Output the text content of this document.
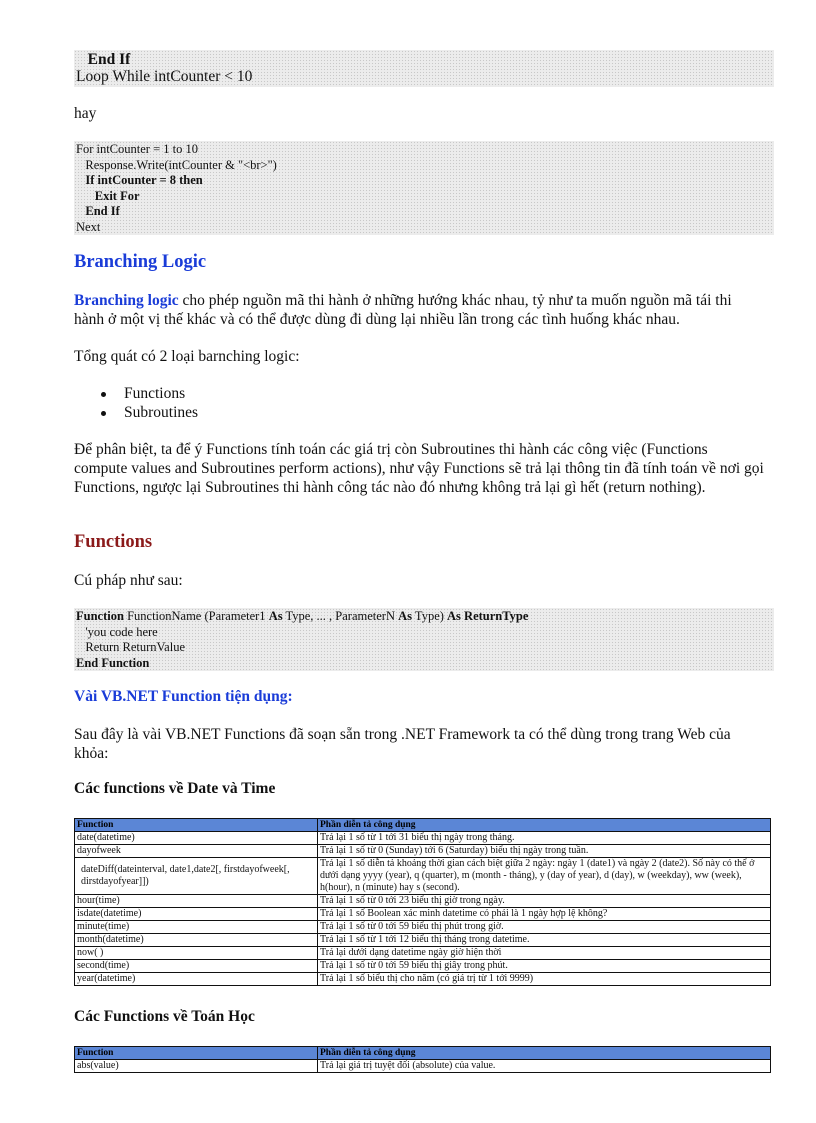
End If
Loop While intCounter < 10
hay
For intCounter = 1 to 10
Response.Write(intCounter & "<br>")
If intCounter = 8 then
Exit For
End If
Next
Branching Logic
Branching logic cho phép nguồn mã thi hành ở những hướng khác nhau, tỷ như ta muốn nguồn mã tái thi hành ở một vị thế khác và có thể được dùng đi dùng lại nhiều lần trong các tình huống khác nhau.
Tổng quát có 2 loại barnching logic:
Functions
Subroutines
Để phân biệt, ta để ý Functions tính toán các giá trị còn Subroutines thi hành các công việc (Functions compute values and Subroutines perform actions), như vậy Functions sẽ trả lại thông tin đã tính toán về nơi gọi Functions, ngược lại Subroutines thi hành công tác nào đó nhưng không trả lại gì hết (return nothing).
Functions
Cú pháp như sau:
Function FunctionName (Parameter1 As Type, ... , ParameterN As Type) As ReturnType
'you code here
Return ReturnValue
End Function
Vài VB.NET Function tiện dụng:
Sau đây là vài VB.NET Functions đã soạn sẵn trong .NET Framework ta có thể dùng trong trang Web của khỏa:
Các functions về Date và Time
Function	Phần diễn tả công dụng
date(datetime)	Trả lại 1 số từ 1 tới 31 biểu thị ngày trong tháng.
dayofweek	Trả lại 1 số từ 0 (Sunday) tới 6 (Saturday) biểu thị ngày trong tuần.
dateDiff(dateinterval, date1,date2[, firstdayofweek[, dirstdayofyear]])	Trả lại 1 số diễn tả khoảng thời gian cách biệt giữa 2 ngày: ngày 1 (date1) và ngày 2 (date2). Số này có thể ở dưới dạng yyyy (year), q (quarter), m (month - tháng), y (day of year), d (day), w (weekday), ww (week), h(hour), n (minute) hay s (second).
hour(time)	Trả lại 1 số từ 0 tới 23 biểu thị giờ trong ngày.
isdate(datetime)	Trả lại 1 số Boolean xác minh datetime có phải là 1 ngày hợp lệ không?
minute(time)	Trả lại 1 số từ 0 tới 59 biểu thị phút trong giờ.
month(datetime)	Trả lại 1 số từ 1 tới 12 biểu thị tháng trong datetime.
now( )	Trả lại dưới dạng datetime ngày giờ hiện thời
second(time)	Trả lại 1 số từ 0 tới 59 biểu thị giây trong phút.
year(datetime)	Trả lại 1 số biểu thị cho năm (có giá trị từ 1 tới 9999)
Các Functions về Toán Học
Function	Phần diễn tả công dụng
abs(value)	Trả lại giá trị tuyệt đối (absolute) của value.
